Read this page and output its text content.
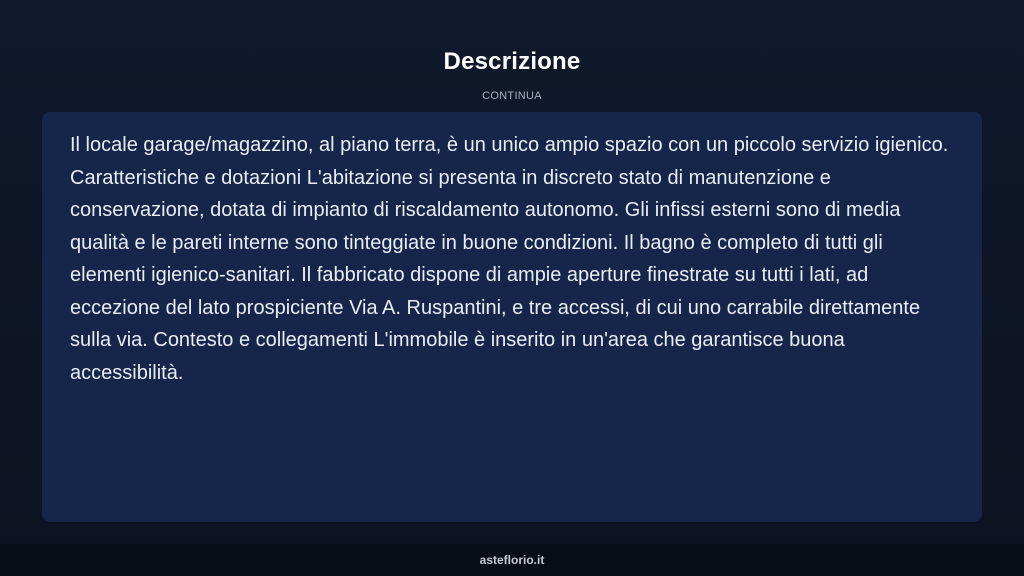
Descrizione
CONTINUA

Il locale garage/magazzino, al piano terra, è un unico ampio spazio con un piccolo servizio igienico. Caratteristiche e dotazioni L'abitazione si presenta in discreto stato di manutenzione e conservazione, dotata di impianto di riscaldamento autonomo. Gli infissi esterni sono di media qualità e le pareti interne sono tinteggiate in buone condizioni. Il bagno è completo di tutti gli elementi igienico-sanitari. Il fabbricato dispone di ampie aperture finestrate su tutti i lati, ad eccezione del lato prospiciente Via A. Ruspantini, e tre accessi, di cui uno carrabile direttamente sulla via. Contesto e collegamenti L'immobile è inserito in un'area che garantisce buona accessibilità.

asteflorio.it
